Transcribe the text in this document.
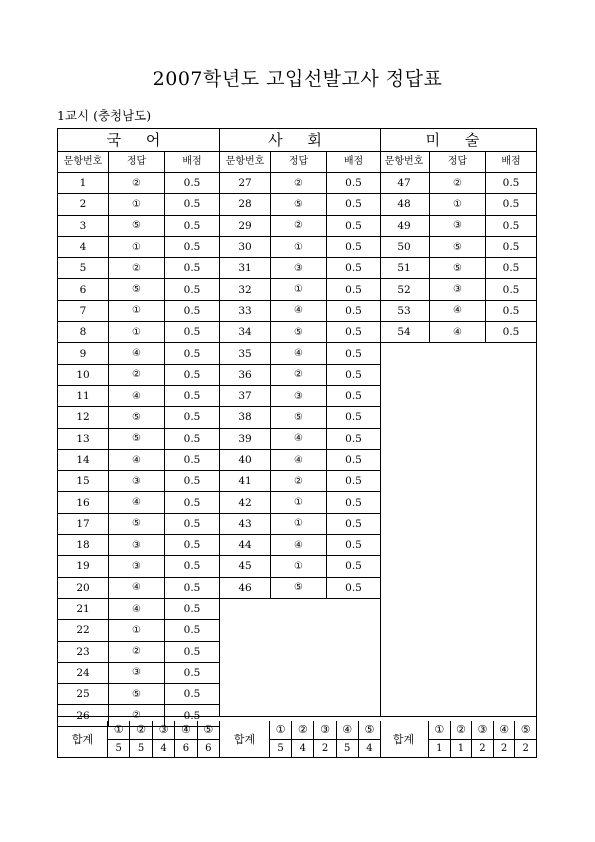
2007학년도 고입선발고사 정답표
1교시 (충청남도)
국 어
문항번호	정답	배점
1	②	0.5
2	①	0.5
3	⑤	0.5
4	①	0.5
5	②	0.5
6	⑤	0.5
7	①	0.5
8	①	0.5
9	④	0.5
10	②	0.5
11	④	0.5
12	⑤	0.5
13	⑤	0.5
14	④	0.5
15	③	0.5
16	④	0.5
17	⑤	0.5
18	③	0.5
19	③	0.5
20	④	0.5
21	④	0.5
22	①	0.5
23	②	0.5
24	③	0.5
25	⑤	0.5
26	②	0.5
사 회
문항번호	정답	배점
27	②	0.5
28	⑤	0.5
29	②	0.5
30	①	0.5
31	③	0.5
32	①	0.5
33	④	0.5
34	⑤	0.5
35	④	0.5
36	②	0.5
37	③	0.5
38	⑤	0.5
39	④	0.5
40	④	0.5
41	②	0.5
42	①	0.5
43	①	0.5
44	④	0.5
45	①	0.5
46	⑤	0.5
미 술
문항번호	정답	배점
47	②	0.5
48	①	0.5
49	③	0.5
50	⑤	0.5
51	⑤	0.5
52	③	0.5
53	④	0.5
54	④	0.5
합계
①	②	③	④	⑤
5	5	4	6	6
합계
①	②	③	④	⑤
5	4	2	5	4
합계
①	②	③	④	⑤
1	1	2	2	2
